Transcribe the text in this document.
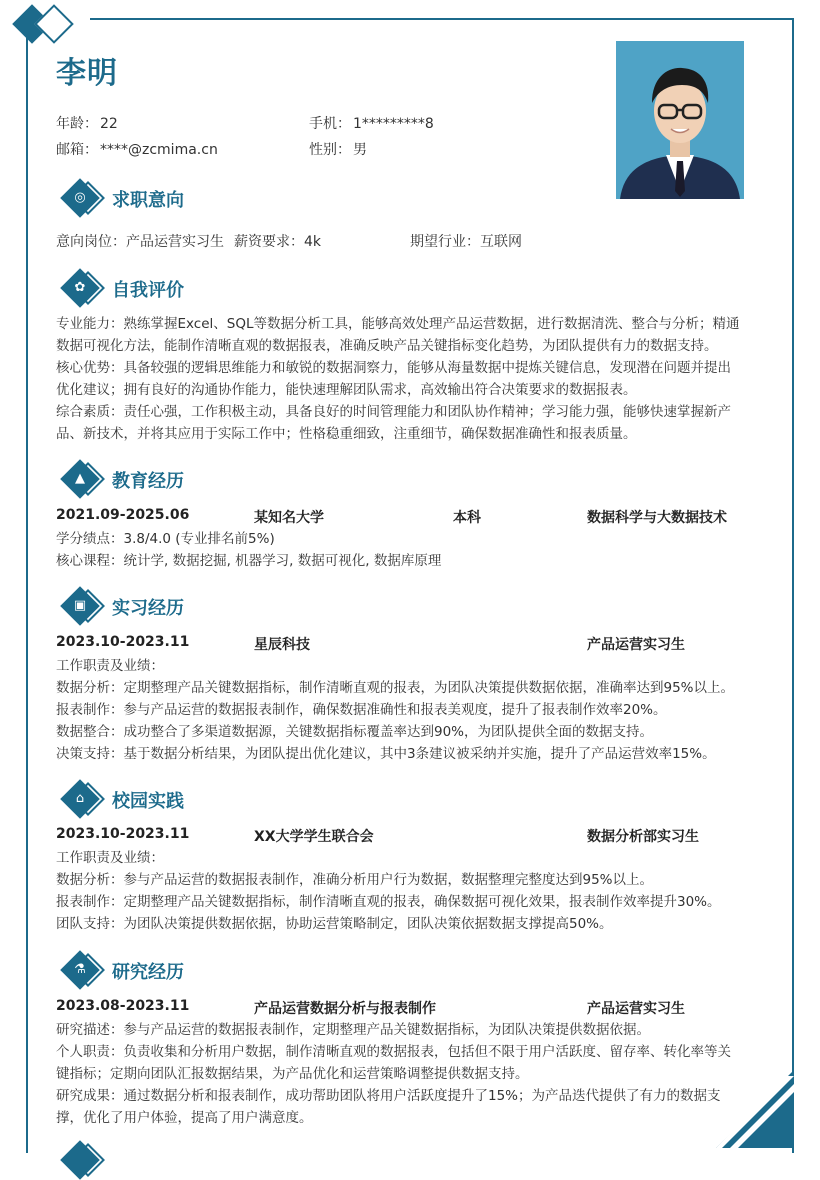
李明
年龄： 22	手机： 1*********8
邮箱： ****@zcmima.cn	性别： 男
◎ 求职意向
意向岗位：产品运营实习生 薪资要求：4k	期望行业：互联网
✿ 自我评价
专业能力：熟练掌握Excel、SQL等数据分析工具，能够高效处理产品运营数据，进行数据清洗、整合与分析；精通
数据可视化方法，能制作清晰直观的数据报表，准确反映产品关键指标变化趋势，为团队提供有力的数据支持。
核心优势：具备较强的逻辑思维能力和敏锐的数据洞察力，能够从海量数据中提炼关键信息，发现潜在问题并提出
优化建议；拥有良好的沟通协作能力，能快速理解团队需求，高效输出符合决策要求的数据报表。
综合素质：责任心强，工作积极主动，具备良好的时间管理能力和团队协作精神；学习能力强，能够快速掌握新产
品、新技术，并将其应用于实际工作中；性格稳重细致，注重细节，确保数据准确性和报表质量。
▲ 教育经历
2021.09-2025.06	某知名大学	本科	数据科学与大数据技术
学分绩点：3.8/4.0 (专业排名前5%)
核心课程：统计学, 数据挖掘, 机器学习, 数据可视化, 数据库原理
▣ 实习经历
2023.10-2023.11	星辰科技	产品运营实习生
工作职责及业绩：
数据分析：定期整理产品关键数据指标，制作清晰直观的报表，为团队决策提供数据依据，准确率达到95%以上。
报表制作：参与产品运营的数据报表制作，确保数据准确性和报表美观度，提升了报表制作效率20%。
数据整合：成功整合了多渠道数据源，关键数据指标覆盖率达到90%，为团队提供全面的数据支持。
决策支持：基于数据分析结果，为团队提出优化建议，其中3条建议被采纳并实施，提升了产品运营效率15%。
⌂	校园实践
2023.10-2023.11	XX大学学生联合会	数据分析部实习生
工作职责及业绩：
数据分析：参与产品运营的数据报表制作，准确分析用户行为数据，数据整理完整度达到95%以上。
报表制作：定期整理产品关键数据指标，制作清晰直观的报表，确保数据可视化效果，报表制作效率提升30%。
团队支持：为团队决策提供数据依据，协助运营策略制定，团队决策依据数据支撑提高50%。
⚗ 研究经历
2023.08-2023.11	产品运营数据分析与报表制作	产品运营实习生
研究描述：参与产品运营的数据报表制作，定期整理产品关键数据指标，为团队决策提供数据依据。
个人职责：负责收集和分析用户数据，制作清晰直观的数据报表，包括但不限于用户活跃度、留存率、转化率等关
键指标；定期向团队汇报数据结果，为产品优化和运营策略调整提供数据支持。
研究成果：通过数据分析和报表制作，成功帮助团队将用户活跃度提升了15%；为产品迭代提供了有力的数据支
撑，优化了用户体验，提高了用户满意度。
